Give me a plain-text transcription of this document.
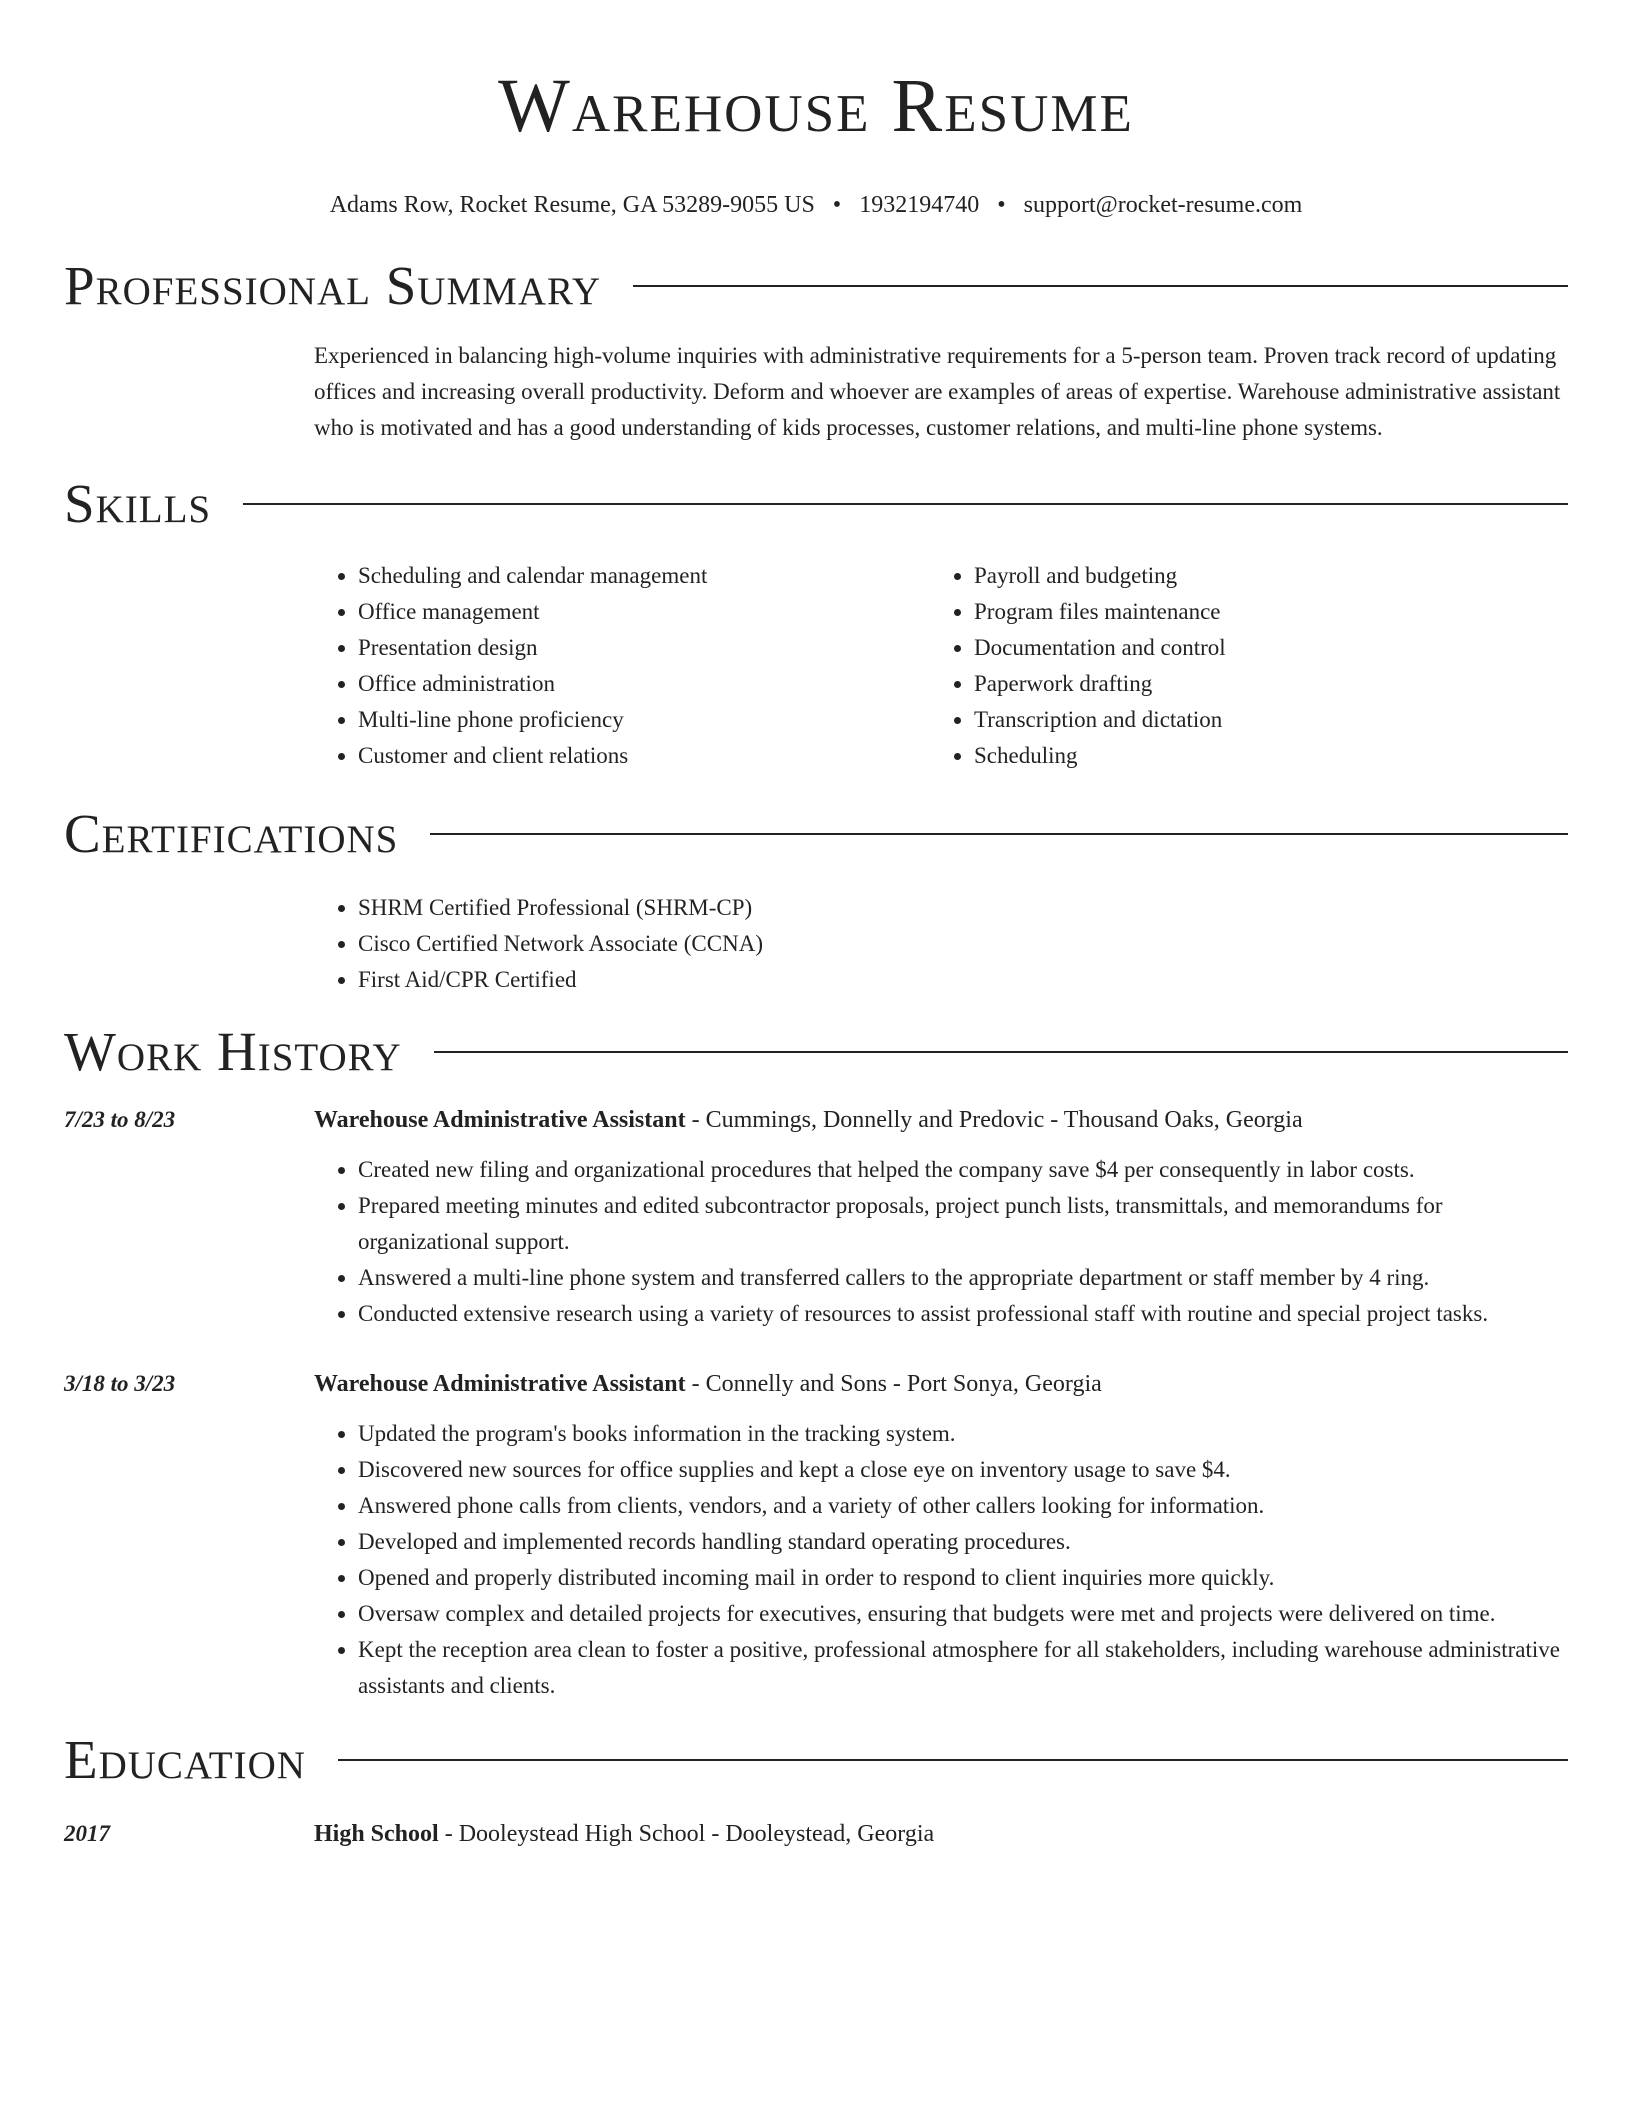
Warehouse Resume
Adams Row, Rocket Resume, GA 53289-9055 US • 1932194740 • support@rocket-resume.com
Professional Summary
Experienced in balancing high-volume inquiries with administrative requirements for a 5-person team. Proven track record of updating offices and increasing overall productivity. Deform and whoever are examples of areas of expertise. Warehouse administrative assistant who is motivated and has a good understanding of kids processes, customer relations, and multi-line phone systems.
Skills
• Scheduling and calendar management
• Office management
• Presentation design
• Office administration
• Multi-line phone proficiency
• Customer and client relations
• Payroll and budgeting
• Program files maintenance
• Documentation and control
• Paperwork drafting
• Transcription and dictation
• Scheduling
Certifications
• SHRM Certified Professional (SHRM-CP)
• Cisco Certified Network Associate (CCNA)
• First Aid/CPR Certified
Work History
7/23 to 8/23	Warehouse Administrative Assistant - Cummings, Donnelly and Predovic - Thousand Oaks, Georgia
• Created new filing and organizational procedures that helped the company save $4 per consequently in labor costs.
• Prepared meeting minutes and edited subcontractor proposals, project punch lists, transmittals, and memorandums for organizational support.
• Answered a multi-line phone system and transferred callers to the appropriate department or staff member by 4 ring.
• Conducted extensive research using a variety of resources to assist professional staff with routine and special project tasks.
3/18 to 3/23	Warehouse Administrative Assistant - Connelly and Sons - Port Sonya, Georgia
• Updated the program's books information in the tracking system.
• Discovered new sources for office supplies and kept a close eye on inventory usage to save $4.
• Answered phone calls from clients, vendors, and a variety of other callers looking for information.
• Developed and implemented records handling standard operating procedures.
• Opened and properly distributed incoming mail in order to respond to client inquiries more quickly.
• Oversaw complex and detailed projects for executives, ensuring that budgets were met and projects were delivered on time.
• Kept the reception area clean to foster a positive, professional atmosphere for all stakeholders, including warehouse administrative assistants and clients.
Education
2017	High School - Dooleystead High School - Dooleystead, Georgia
